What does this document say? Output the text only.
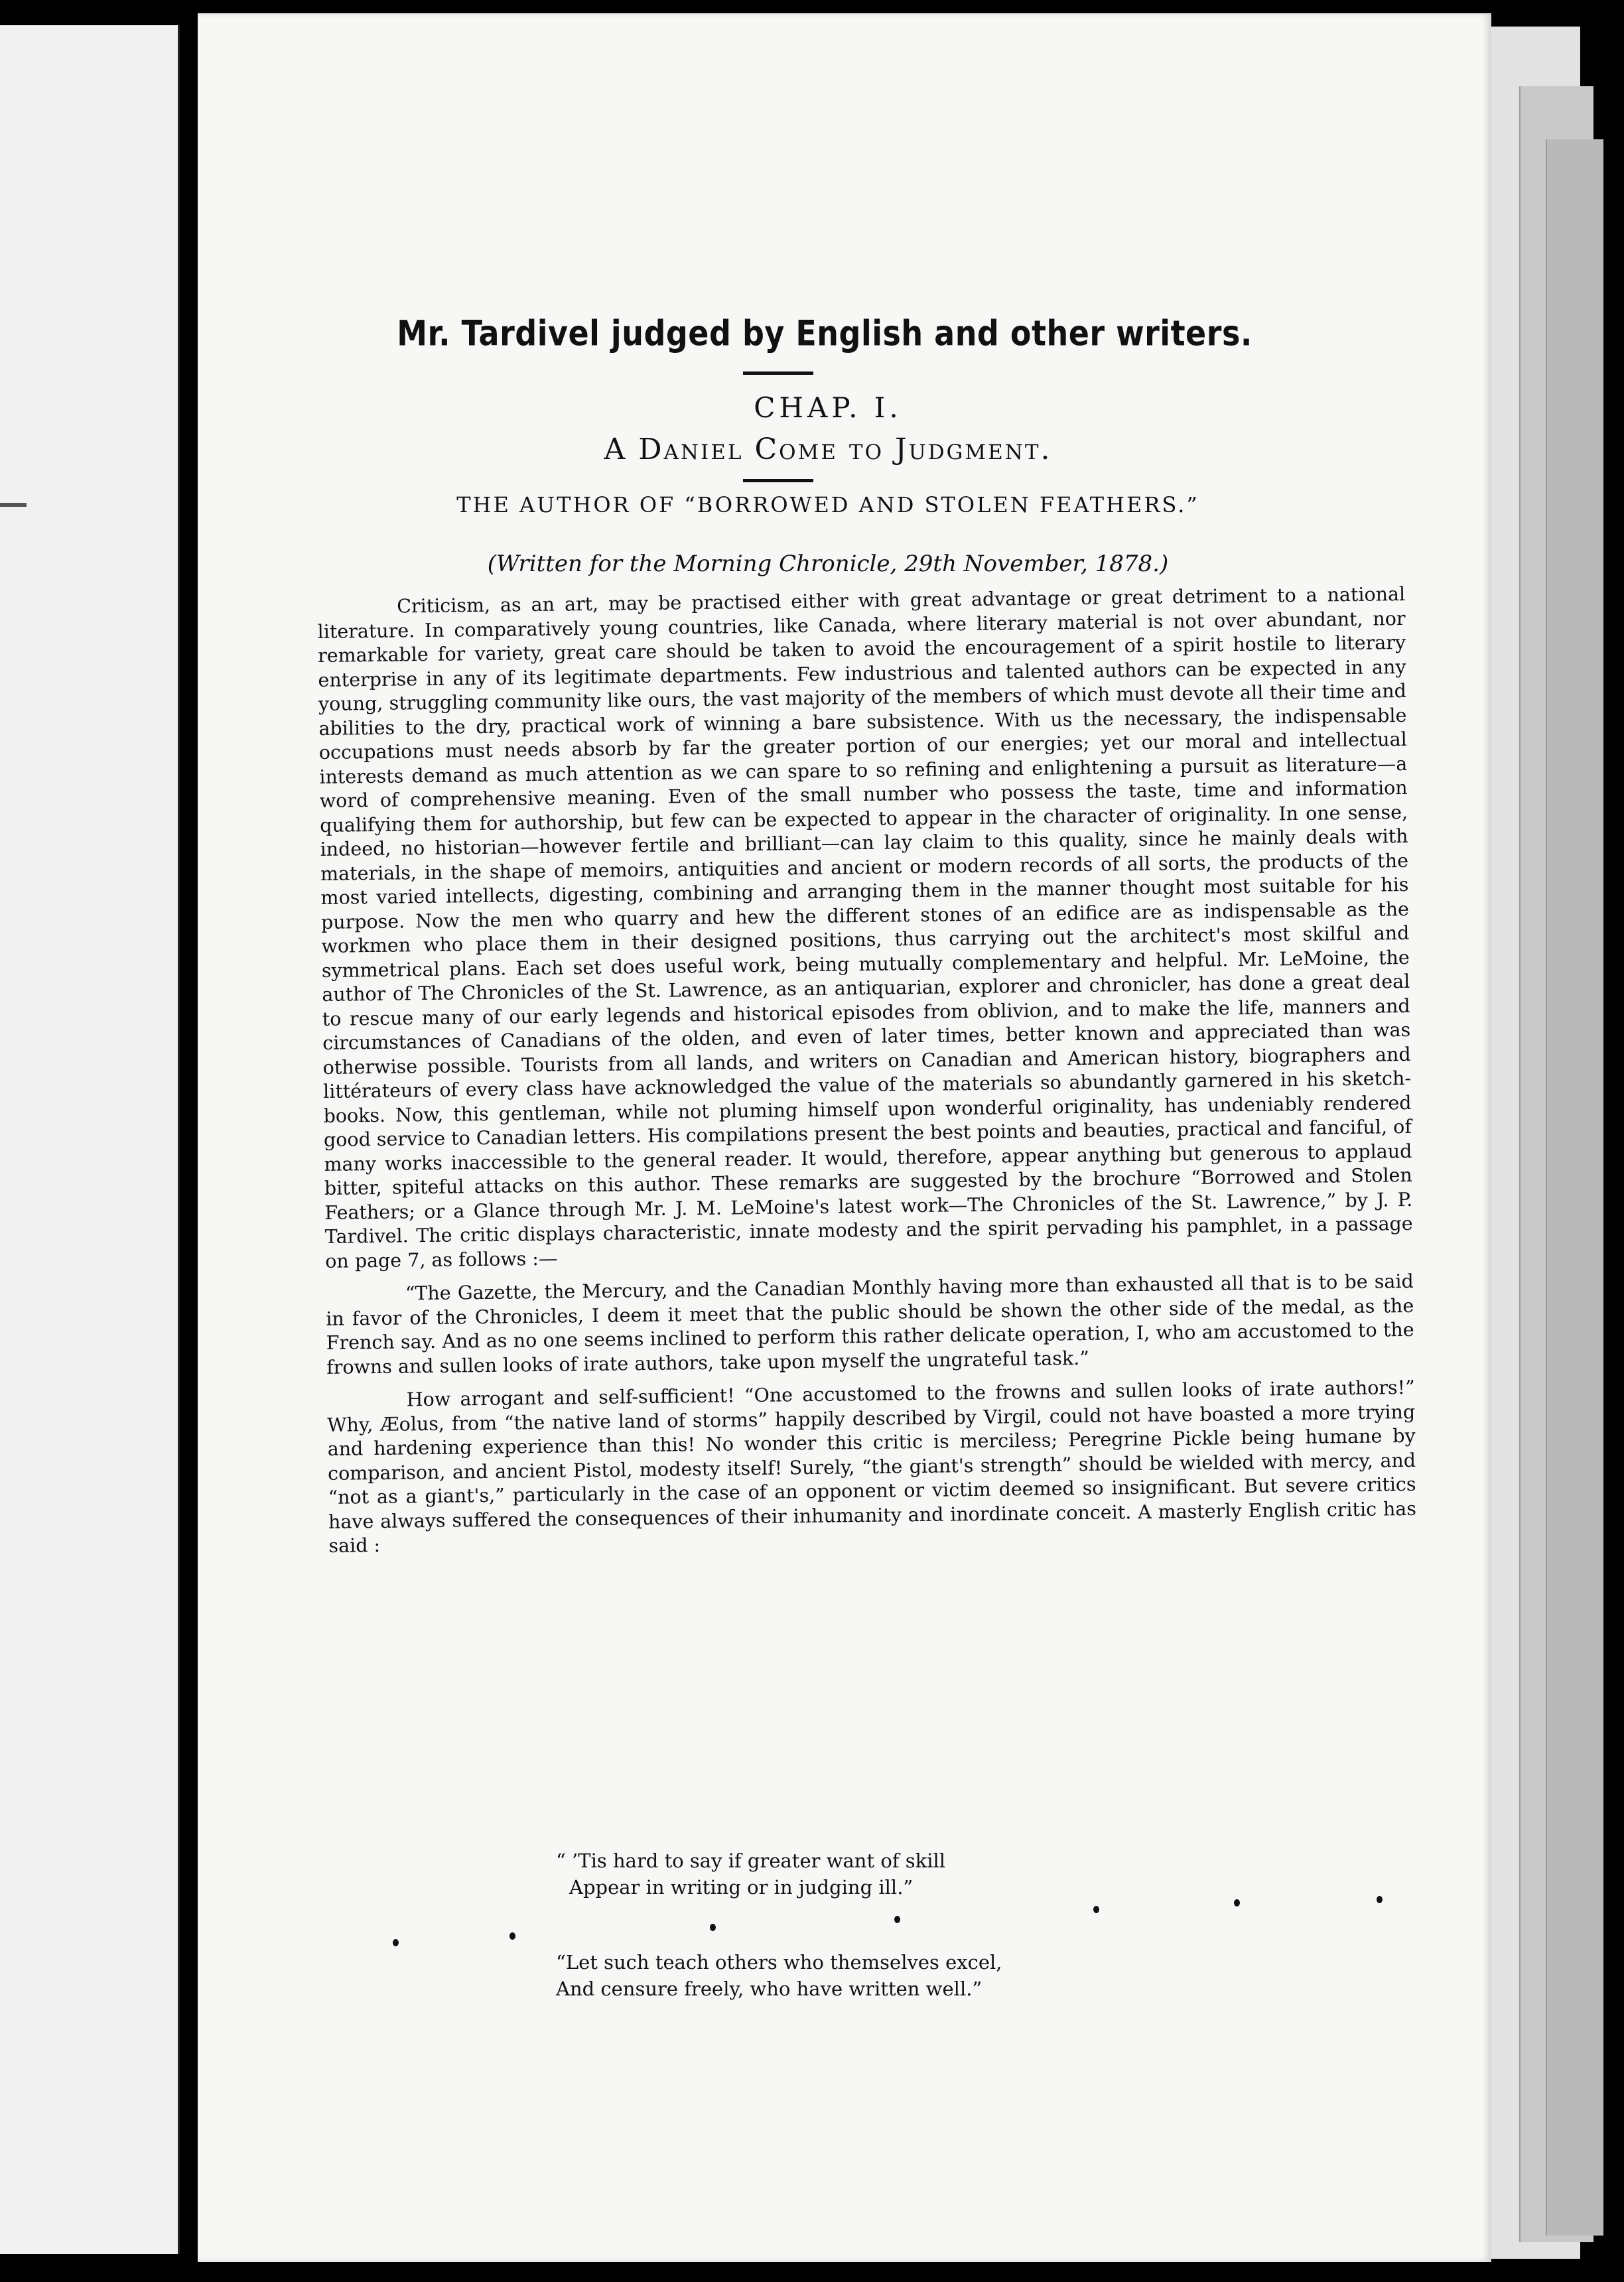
Mr. Tardivel judged by English and other writers.
CHAP. I.
A Daniel Come to Judgment.
THE AUTHOR OF “BORROWED AND STOLEN FEATHERS.”
(Written for the Morning Chronicle, 29th November, 1878.)

Criticism, as an art, may be practised either with great advantage or great detriment to a national literature. In comparatively young countries, like Canada, where literary material is not over abundant, nor remarkable for variety, great care should be taken to avoid the encouragement of a spirit hostile to literary enterprise in any of its legitimate departments. Few industrious and talented authors can be expected in any young, struggling community like ours, the vast majority of the members of which must devote all their time and abilities to the dry, practical work of winning a bare subsistence. With us the necessary, the indispensable occupations must needs absorb by far the greater portion of our energies; yet our moral and intellectual interests demand as much attention as we can spare to so refining and enlightening a pursuit as literature—a word of comprehensive meaning. Even of the small number who possess the taste, time and information qualifying them for authorship, but few can be expected to appear in the character of originality. In one sense, indeed, no historian—however fertile and brilliant—can lay claim to this quality, since he mainly deals with materials, in the shape of memoirs, antiquities and ancient or modern records of all sorts, the products of the most varied intellects, digesting, combining and arranging them in the manner thought most suitable for his purpose. Now the men who quarry and hew the different stones of an edifice are as indispensable as the workmen who place them in their designed positions, thus carrying out the architect's most skilful and symmetrical plans. Each set does useful work, being mutually complementary and helpful. Mr. LeMoine, the author of The Chronicles of the St. Lawrence, as an antiquarian, explorer and chronicler, has done a great deal to rescue many of our early legends and historical episodes from oblivion, and to make the life, manners and circumstances of Canadians of the olden, and even of later times, better known and appreciated than was otherwise possible. Tourists from all lands, and writers on Canadian and American history, biographers and littérateurs of every class have acknowledged the value of the materials so abundantly garnered in his sketch-books. Now, this gentleman, while not pluming himself upon wonderful originality, has undeniably rendered good service to Canadian letters. His compilations present the best points and beauties, practical and fanciful, of many works inaccessible to the general reader. It would, therefore, appear anything but generous to applaud bitter, spiteful attacks on this author. These remarks are suggested by the brochure “Borrowed and Stolen Feathers; or a Glance through Mr. J. M. LeMoine's latest work—The Chronicles of the St. Lawrence,” by J. P. Tardivel. The critic displays characteristic, innate modesty and the spirit pervading his pamphlet, in a passage on page 7, as follows :—

“The Gazette, the Mercury, and the Canadian Monthly having more than exhausted all that is to be said in favor of the Chronicles, I deem it meet that the public should be shown the other side of the medal, as the French say. And as no one seems inclined to perform this rather delicate operation, I, who am accustomed to the frowns and sullen looks of irate authors, take upon myself the ungrateful task.”

How arrogant and self-sufficient! “One accustomed to the frowns and sullen looks of irate authors!” Why, Æolus, from “the native land of storms” happily described by Virgil, could not have boasted a more trying and hardening experience than this! No wonder this critic is merciless; Peregrine Pickle being humane by comparison, and ancient Pistol, modesty itself! Surely, “the giant's strength” should be wielded with mercy, and “not as a giant's,” particularly in the case of an opponent or victim deemed so insignificant. But severe critics have always suffered the consequences of their inhumanity and inordinate conceit. A masterly English critic has said :

“ ’Tis hard to say if greater want of skill
Appear in writing or in judging ill.”
“Let such teach others who themselves excel,
And censure freely, who have written well.”
